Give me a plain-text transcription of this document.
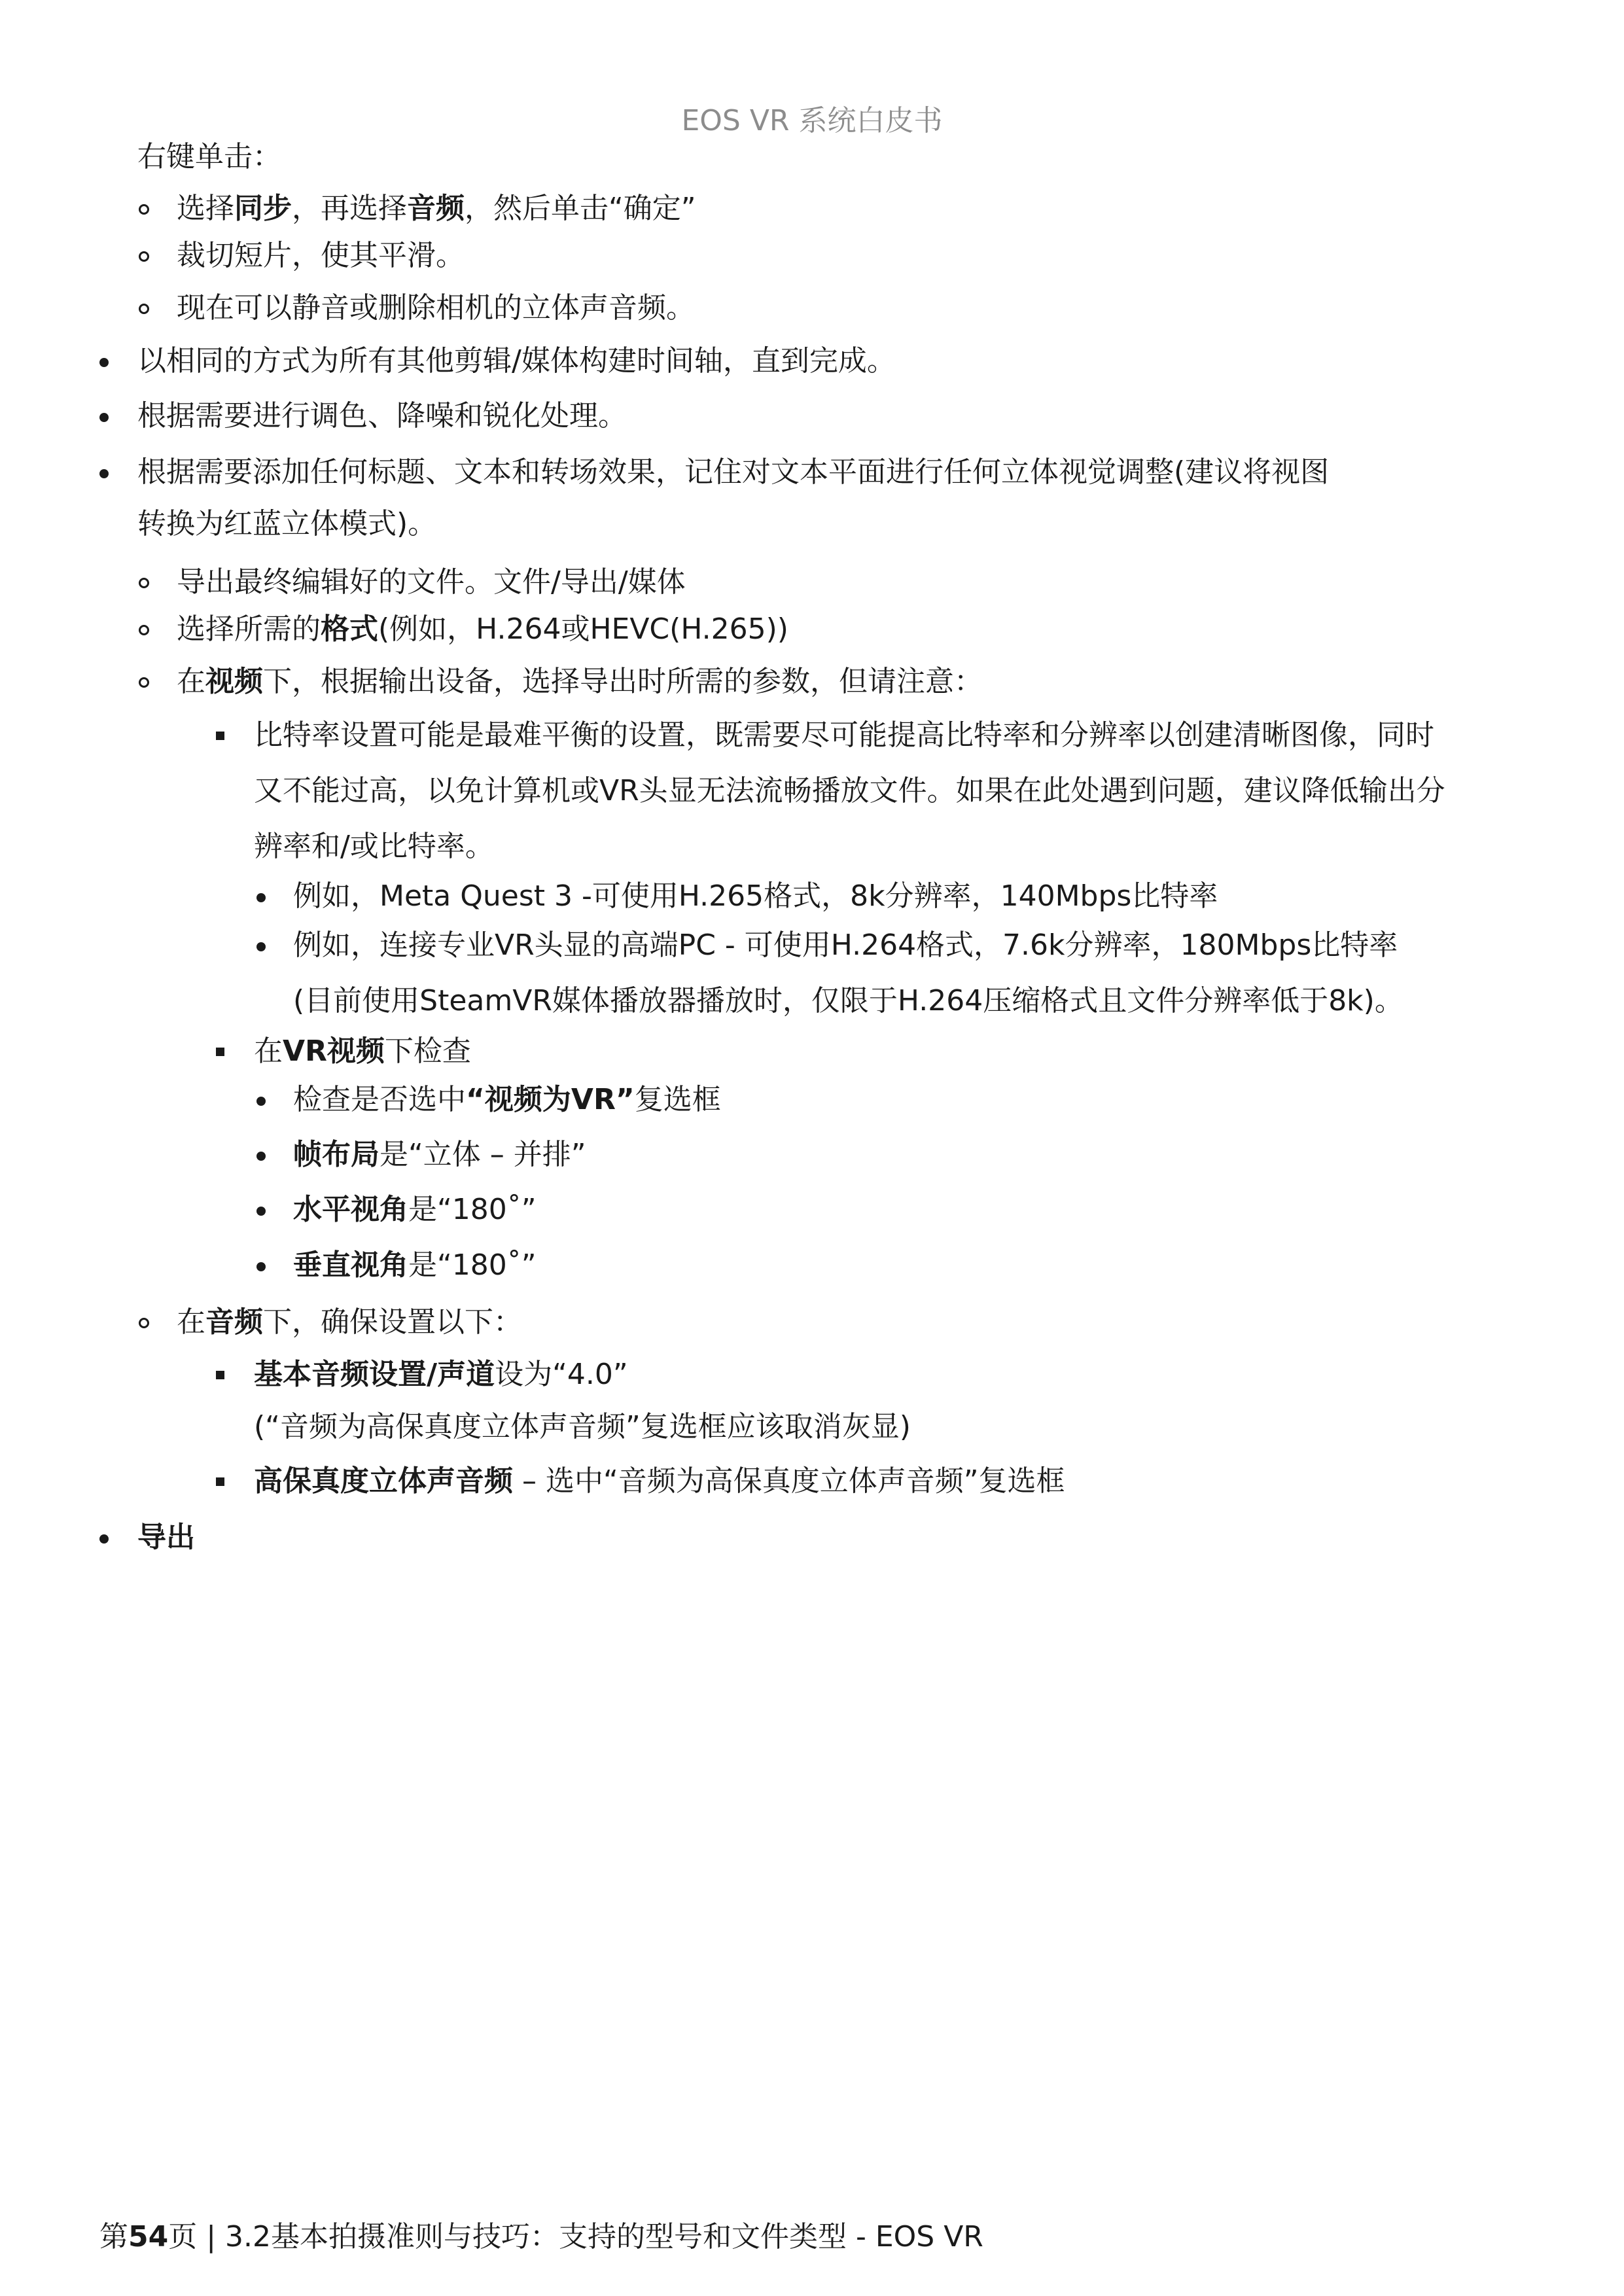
EOS VR 系统白皮书
右键单击：
选择同步，再选择音频，然后单击“确定”
裁切短片，使其平滑。
现在可以静音或删除相机的立体声音频。
以相同的方式为所有其他剪辑/媒体构建时间轴，直到完成。
根据需要进行调色、降噪和锐化处理。
根据需要添加任何标题、文本和转场效果，记住对文本平面进行任何立体视觉调整(建议将视图
转换为红蓝立体模式)。
导出最终编辑好的文件。文件/导出/媒体
选择所需的格式(例如，H.264或HEVC(H.265))
在视频下，根据输出设备，选择导出时所需的参数，但请注意：
比特率设置可能是最难平衡的设置，既需要尽可能提高比特率和分辨率以创建清晰图像，同时
又不能过高，以免计算机或VR头显无法流畅播放文件。如果在此处遇到问题，建议降低输出分
辨率和/或比特率。
例如，Meta Quest 3 -可使用H.265格式，8k分辨率，140Mbps比特率
例如，连接专业VR头显的高端PC - 可使用H.264格式，7.6k分辨率，180Mbps比特率
(目前使用SteamVR媒体播放器播放时，仅限于H.264压缩格式且文件分辨率低于8k)。
在VR视频下检查
检查是否选中“视频为VR”复选框
帧布局是“立体 – 并排”
水平视角是“180˚”
垂直视角是“180˚”
在音频下，确保设置以下：
基本音频设置/声道设为“4.0”
(“音频为高保真度立体声音频”复选框应该取消灰显)
高保真度立体声音频 – 选中“音频为高保真度立体声音频”复选框
导出
第54页 | 3.2基本拍摄准则与技巧：支持的型号和文件类型 - EOS VR
